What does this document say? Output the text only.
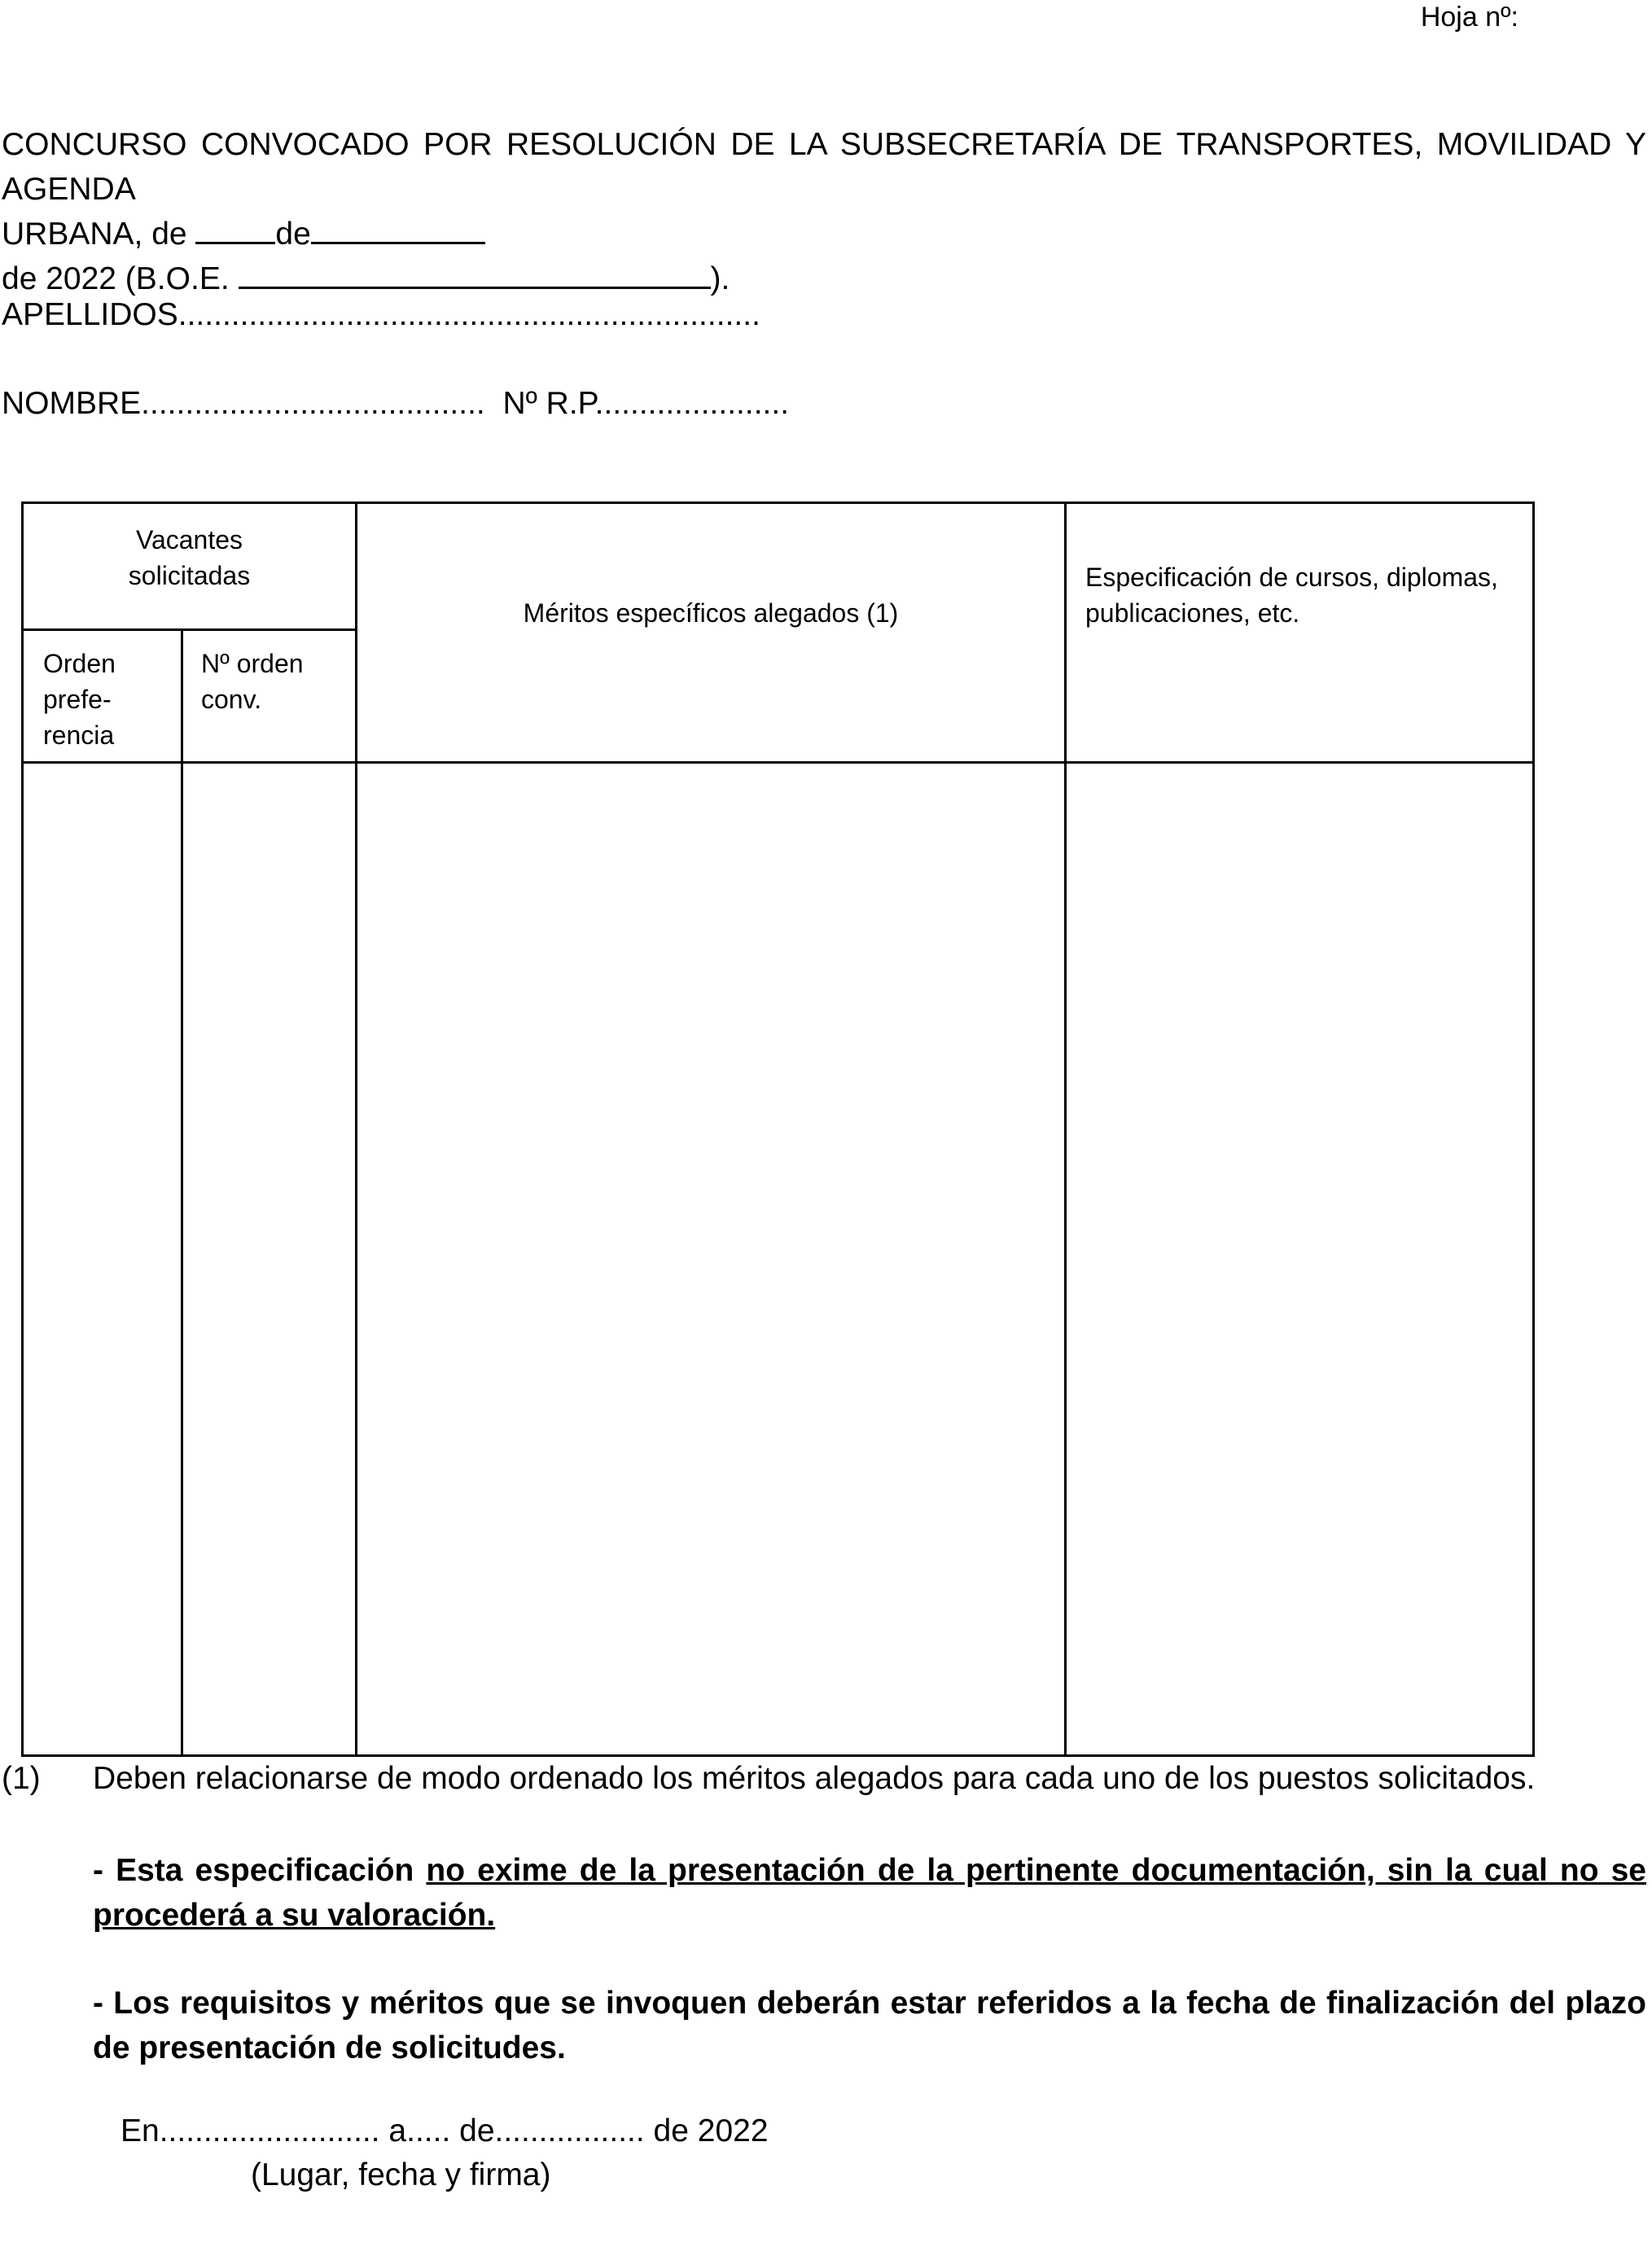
Hoja nº:
CONCURSO CONVOCADO POR RESOLUCIÓN DE LA SUBSECRETARÍA DE TRANSPORTES, MOVILIDAD Y AGENDA
URBANA, de	de
de 2022 (B.O.E.	).
APELLIDOS..................................................................
NOMBRE....................................... Nº R.P......................
Vacantes solicitadas
Orden prefe- rencia
Nº orden conv.
Méritos específicos alegados (1)
Especificación de cursos, diplomas, publicaciones, etc.
(1) Deben relacionarse de modo ordenado los méritos alegados para cada uno de los puestos solicitados.
- Esta especificación no exime de la presentación de la pertinente documentación, sin la cual no se procederá a su valoración.
- Los requisitos y méritos que se invoquen deberán estar referidos a la fecha de finalización del plazo de presentación de solicitudes.
En......................... a..... de................. de 2022
(Lugar, fecha y firma)
